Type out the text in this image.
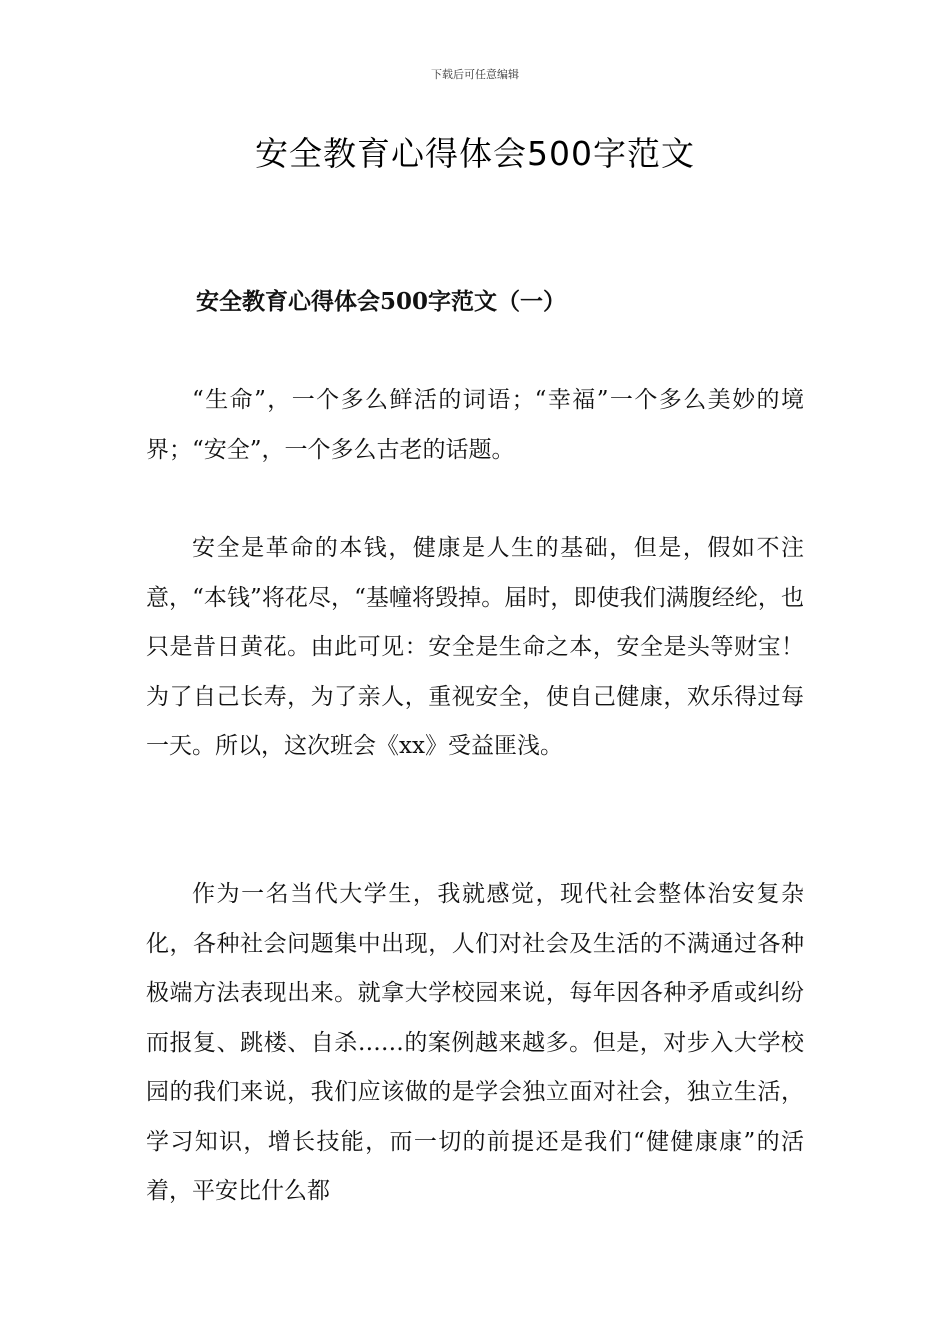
下载后可任意编辑
安全教育心得体会500字范文
安全教育心得体会500字范文（一）

“生命”，一个多么鲜活的词语；“幸福”一个多么美妙的境界；“安全”，一个多么古老的话题。

安全是革命的本钱，健康是人生的基础，但是，假如不注意，“本钱”将花尽，“基幢将毁掉。届时，即使我们满腹经纶，也只是昔日黄花。由此可见：安全是生命之本，安全是头等财宝！为了自己长寿，为了亲人，重视安全，使自己健康，欢乐得过每一天。所以，这次班会《xx》受益匪浅。

作为一名当代大学生，我就感觉，现代社会整体治安复杂化，各种社会问题集中出现，人们对社会及生活的不满通过各种极端方法表现出来。就拿大学校园来说，每年因各种矛盾或纠纷而报复、跳楼、自杀……的案例越来越多。但是，对步入大学校园的我们来说，我们应该做的是学会独立面对社会，独立生活，学习知识，增长技能，而一切的前提还是我们“健健康康”的活着，平安比什么都
